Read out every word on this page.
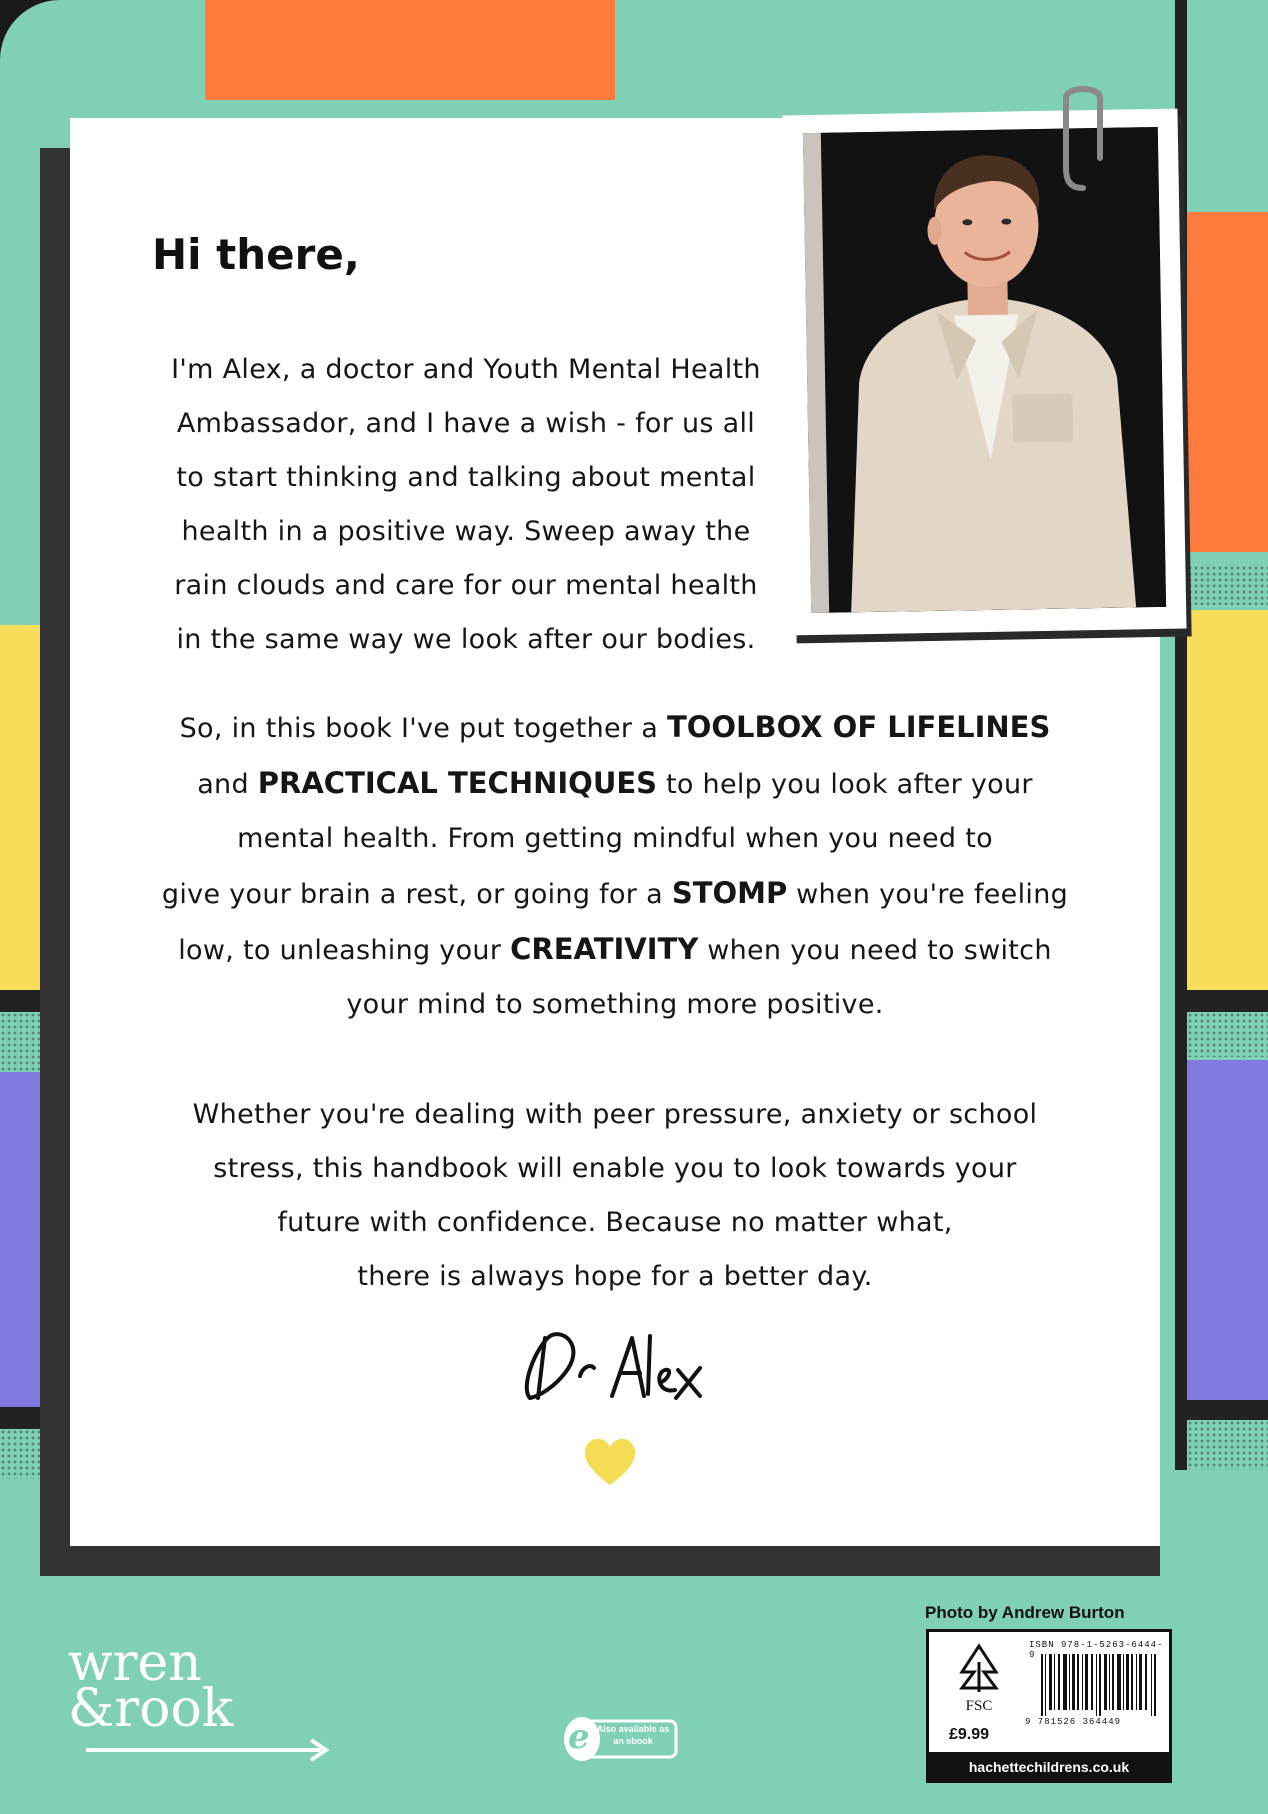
Hi there,

I'm Alex, a doctor and Youth Mental Health
Ambassador, and I have a wish - for us all
to start thinking and talking about mental
health in a positive way. Sweep away the
rain clouds and care for our mental health
in the same way we look after our bodies.

So, in this book I've put together a TOOLBOX OF LIFELINES
and PRACTICAL TECHNIQUES to help you look after your
mental health. From getting mindful when you need to
give your brain a rest, or going for a STOMP when you're feeling
low, to unleashing your CREATIVITY when you need to switch
your mind to something more positive.

Whether you're dealing with peer pressure, anxiety or school
stress, this handbook will enable you to look towards your
future with confidence. Because no matter what,
there is always hope for a better day.

Photo by Andrew Burton
FSC
£9.99
ISBN 978-1-5263-6444-9
9 781526 364449
hachettechildrens.co.uk
wren
&rook	e Also available as an ebook
